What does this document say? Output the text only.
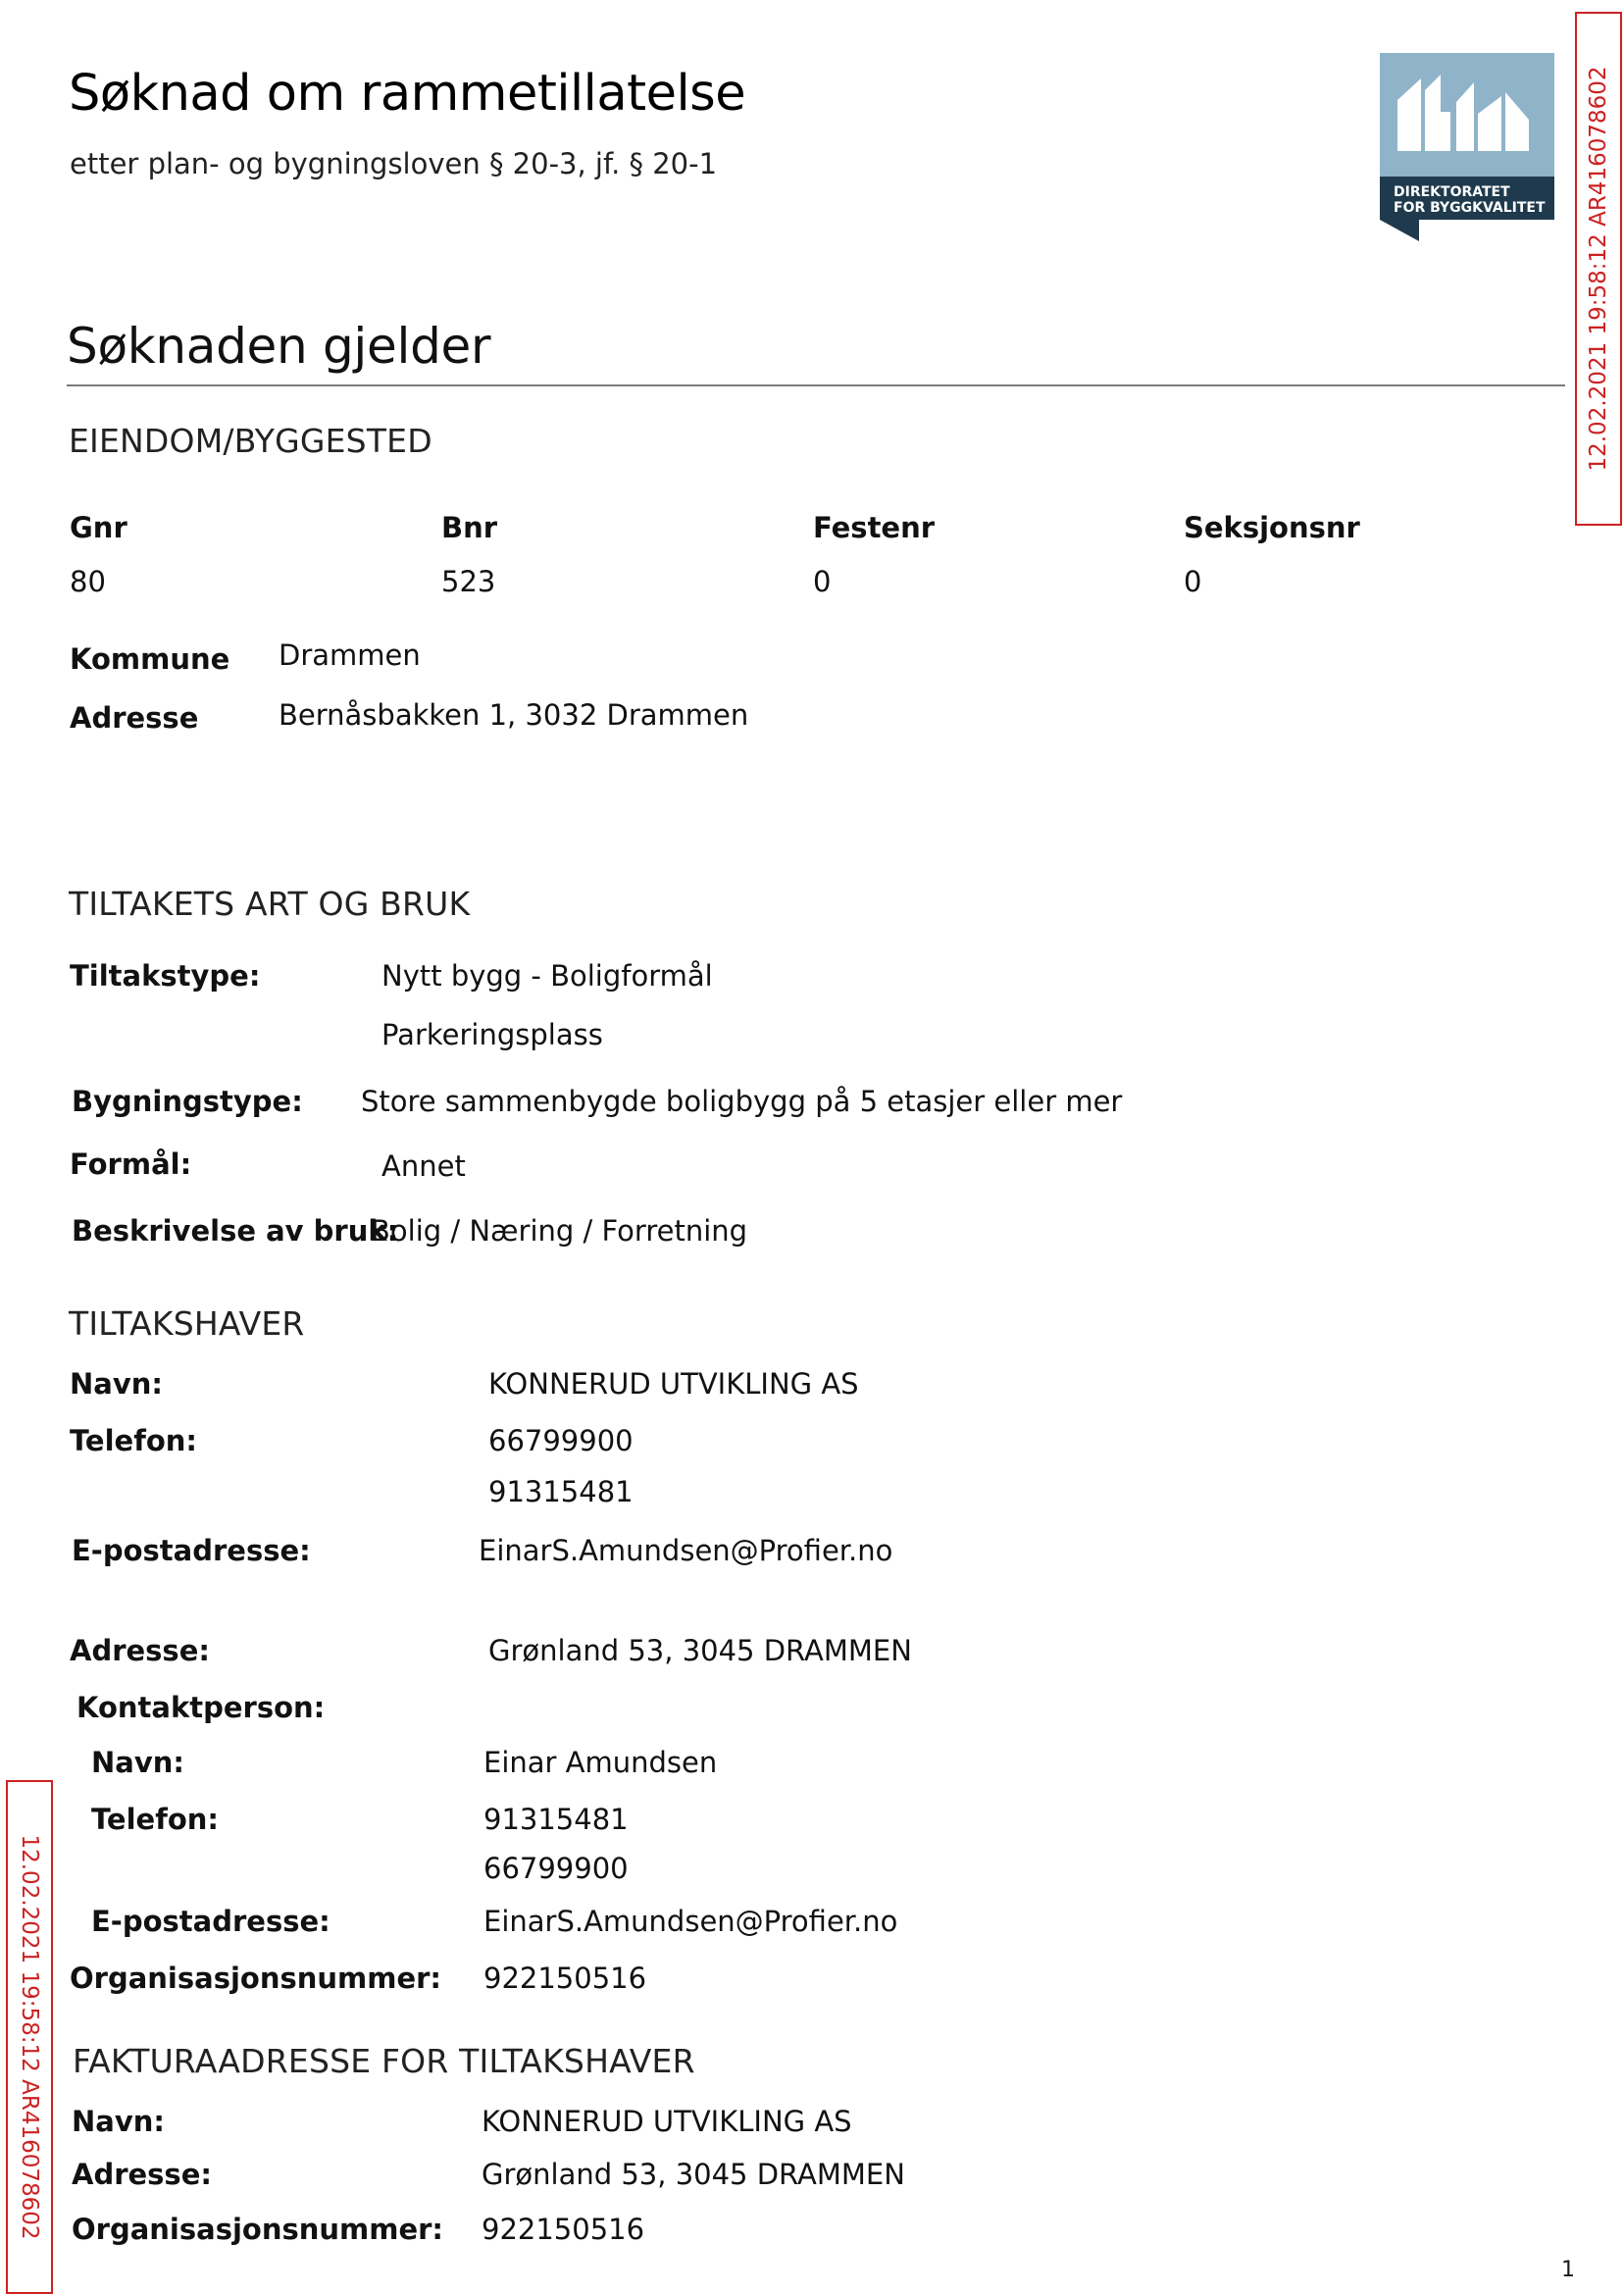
Søknad om rammetillatelse
etter plan- og bygningsloven § 20-3, jf. § 20-1
DIREKTORATET
FOR BYGGKVALITET 12.02.2021 19:58:12 AR416078602
12.02.2021 19:58:12 AR416078602
Søknaden gjelder
EIENDOM/BYGGESTED
Gnr	Bnr	Festenr	Seksjonsnr
80	523	0	0
Kommune Drammen
Adresse	Bernåsbakken 1, 3032 Drammen
TILTAKETS ART OG BRUK
Tiltakstype:	Nytt bygg - Boligformål
Parkeringsplass
Bygningstype: Store sammenbygde boligbygg på 5 etasjer eller mer
Formål:	Annet
Beskrivelse av bruk:
Bolig / Næring / Forretning
TILTAKSHAVER
Navn:	KONNERUD UTVIKLING AS
Telefon:	66799900
91315481
E-postadresse:	EinarS.Amundsen@Profier.no
Adresse:	Grønland 53, 3045 DRAMMEN
Kontaktperson:
Navn:	Einar Amundsen
Telefon:	91315481
66799900
E-postadresse:	EinarS.Amundsen@Profier.no
Organisasjonsnummer: 922150516
FAKTURAADRESSE FOR TILTAKSHAVER
Navn:	KONNERUD UTVIKLING AS
Adresse:	Grønland 53, 3045 DRAMMEN
Organisasjonsnummer: 922150516
1
